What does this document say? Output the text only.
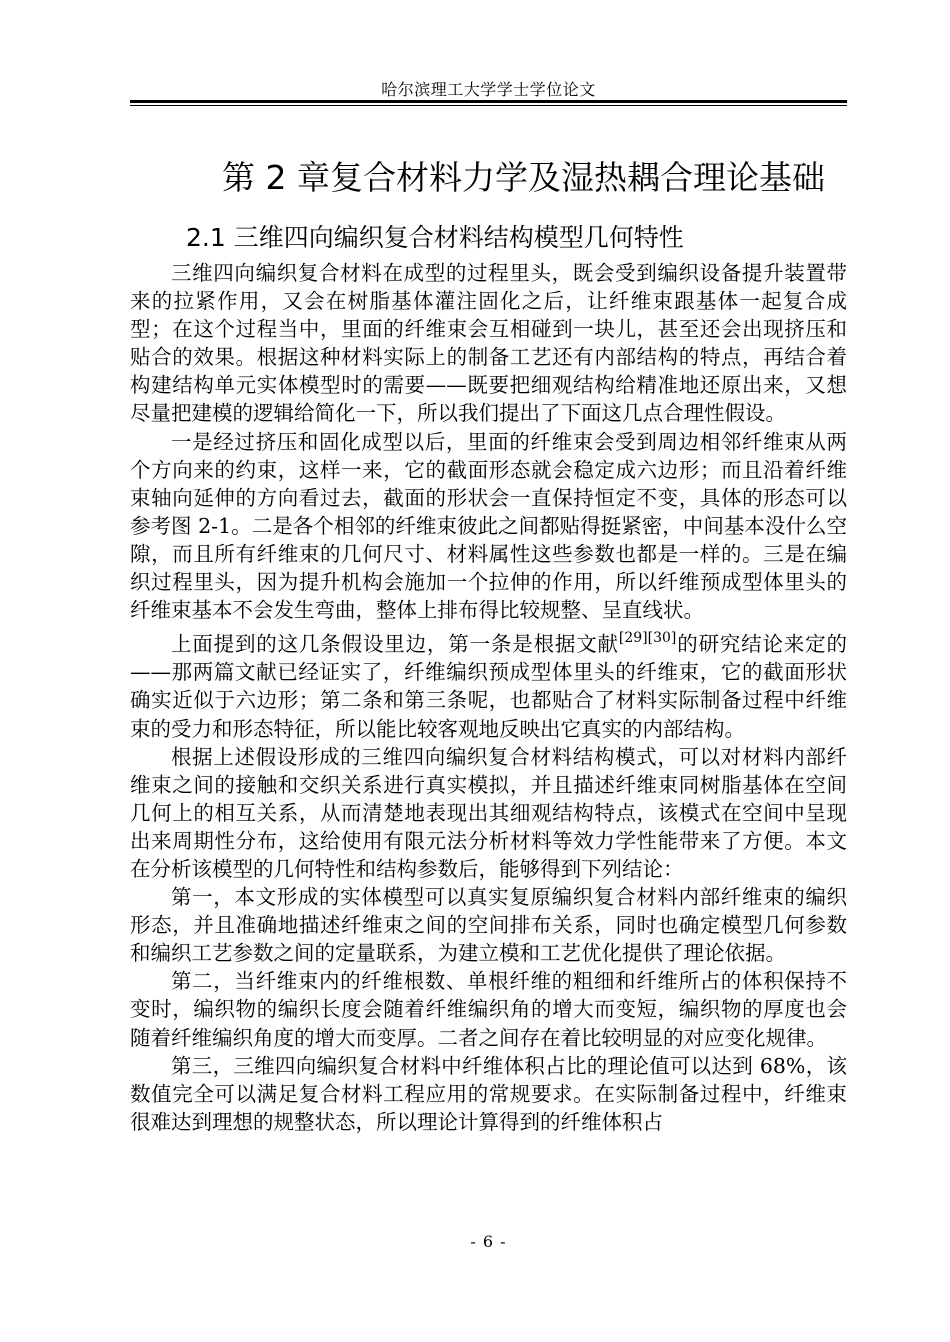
哈尔滨理工大学学士学位论文
第 2 章复合材料力学及湿热耦合理论基础
2.1 三维四向编织复合材料结构模型几何特性

三维四向编织复合材料在成型的过程里头，既会受到编织设备提升装置带来的拉紧作用，又会在树脂基体灌注固化之后，让纤维束跟基体一起复合成型；在这个过程当中，里面的纤维束会互相碰到一块儿，甚至还会出现挤压和贴合的效果。根据这种材料实际上的制备工艺还有内部结构的特点，再结合着构建结构单元实体模型时的需要——既要把细观结构给精准地还原出来，又想尽量把建模的逻辑给简化一下，所以我们提出了下面这几点合理性假设。

一是经过挤压和固化成型以后，里面的纤维束会受到周边相邻纤维束从两个方向来的约束，这样一来，它的截面形态就会稳定成六边形；而且沿着纤维束轴向延伸的方向看过去，截面的形状会一直保持恒定不变，具体的形态可以参考图 2-1。二是各个相邻的纤维束彼此之间都贴得挺紧密，中间基本没什么空隙，而且所有纤维束的几何尺寸、材料属性这些参数也都是一样的。三是在编织过程里头，因为提升机构会施加一个拉伸的作用，所以纤维预成型体里头的纤维束基本不会发生弯曲，整体上排布得比较规整、呈直线状。

上面提到的这几条假设里边，第一条是根据文献[29][30]的研究结论来定的——那两篇文献已经证实了，纤维编织预成型体里头的纤维束，它的截面形状确实近似于六边形；第二条和第三条呢，也都贴合了材料实际制备过程中纤维束的受力和形态特征，所以能比较客观地反映出它真实的内部结构。

根据上述假设形成的三维四向编织复合材料结构模式，可以对材料内部纤维束之间的接触和交织关系进行真实模拟，并且描述纤维束同树脂基体在空间几何上的相互关系，从而清楚地表现出其细观结构特点，该模式在空间中呈现出来周期性分布，这给使用有限元法分析材料等效力学性能带来了方便。本文在分析该模型的几何特性和结构参数后，能够得到下列结论：

第一，本文形成的实体模型可以真实复原编织复合材料内部纤维束的编织形态，并且准确地描述纤维束之间的空间排布关系，同时也确定模型几何参数和编织工艺参数之间的定量联系，为建立模和工艺优化提供了理论依据。

第二，当纤维束内的纤维根数、单根纤维的粗细和纤维所占的体积保持不变时，编织物的编织长度会随着纤维编织角的增大而变短，编织物的厚度也会随着纤维编织角度的增大而变厚。二者之间存在着比较明显的对应变化规律。

第三，三维四向编织复合材料中纤维体积占比的理论值可以达到 68%，该数值完全可以满足复合材料工程应用的常规要求。在实际制备过程中，纤维束很难达到理想的规整状态，所以理论计算得到的纤维体积占

- 6 -
